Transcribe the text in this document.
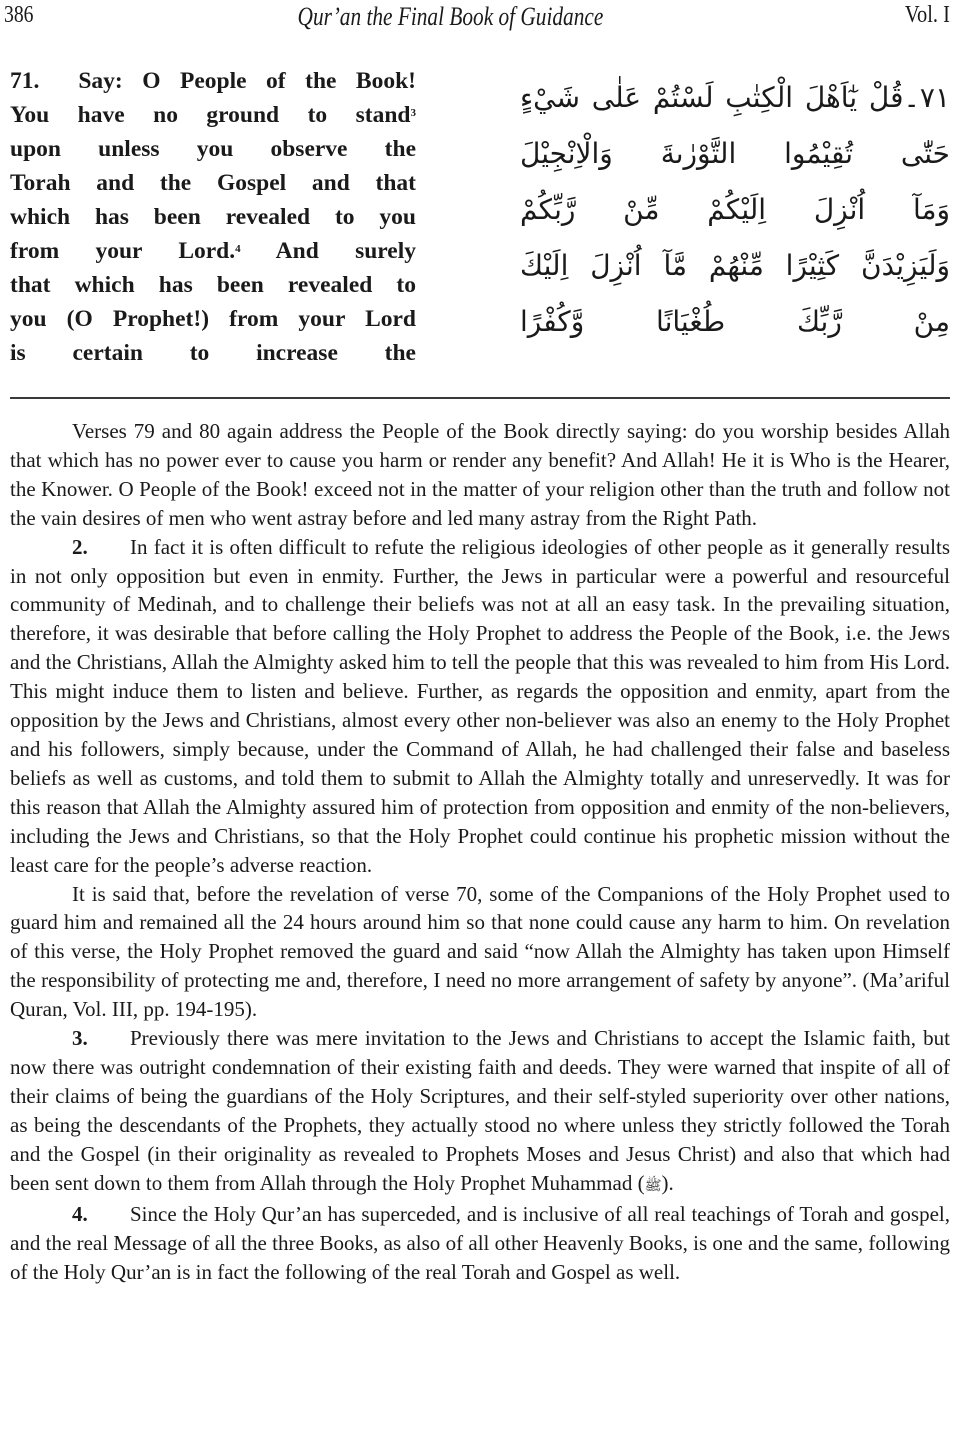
386	Qur’an the Final Book of Guidance	Vol. I
71. Say: O People of the Book!
You have no ground to stand$^3$
upon unless you observe the
Torah and the Gospel and that
which has been revealed to you
from your Lord.$^4$ And surely
that which has been revealed to
you (O Prophet!) from your Lord
is certain to increase the
٧١۔قُلْ يٰٓاَهْلَ الْكِتٰبِ لَسْتُمْ عَلٰى شَيْءٍ
حَتّٰى تُقِيْمُوا التَّوْرٰىةَ وَالْاِنْجِيْلَ
وَمَآ اُنْزِلَ اِلَيْكُمْ مِّنْ رَّبِّكُمْ
وَلَيَزِيْدَنَّ كَثِيْرًا مِّنْهُمْ مَّآ اُنْزِلَ اِلَيْكَ
مِنْ رَّبِّكَ طُغْيَانًا وَّكُفْرًا

Verses 79 and 80 again address the People of the Book directly saying: do you worship besides Allah that which has no power ever to cause you harm or render any benefit? And Allah! He it is Who is the Hearer, the Knower. O People of the Book! exceed not in the matter of your religion other than the truth and follow not the vain desires of men who went astray before and led many astray from the Right Path.

2. In fact it is often difficult to refute the religious ideologies of other people as it generally results in not only opposition but even in enmity. Further, the Jews in particular were a powerful and resourceful community of Medinah, and to challenge their beliefs was not at all an easy task. In the prevailing situation, therefore, it was desirable that before calling the Holy Prophet to address the People of the Book, i.e. the Jews and the Christians, Allah the Almighty asked him to tell the people that this was revealed to him from His Lord. This might induce them to listen and believe. Further, as regards the opposition and enmity, apart from the opposition by the Jews and Christians, almost every other non-believer was also an enemy to the Holy Prophet and his followers, simply because, under the Command of Allah, he had challenged their false and baseless beliefs as well as customs, and told them to submit to Allah the Almighty totally and unreservedly. It was for this reason that Allah the Almighty assured him of protection from opposition and enmity of the non-believers, including the Jews and Christians, so that the Holy Prophet could continue his prophetic mission without the least care for the people’s adverse reaction.

It is said that, before the revelation of verse 70, some of the Companions of the Holy Prophet used to guard him and remained all the 24 hours around him so that none could cause any harm to him. On revelation of this verse, the Holy Prophet removed the guard and said “now Allah the Almighty has taken upon Himself the responsibility of protecting me and, therefore, I need no more arrangement of safety by anyone”. (Ma’ariful Quran, Vol. III, pp. 194-195).

3. Previously there was mere invitation to the Jews and Christians to accept the Islamic faith, but now there was outright condemnation of their existing faith and deeds. They were warned that inspite of all of their claims of being the guardians of the Holy Scriptures, and their self-styled superiority over other nations, as being the descendants of the Prophets, they actually stood no where unless they strictly followed the Torah and the Gospel (in their originality as revealed to Prophets Moses and Jesus Christ) and also that which had been sent down to them from Allah through the Holy Prophet Muhammad (ﷺ).

4. Since the Holy Qur’an has superceded, and is inclusive of all real teachings of Torah and gospel, and the real Message of all the three Books, as also of all other Heavenly Books, is one and the same, following of the Holy Qur’an is in fact the following of the real Torah and Gospel as well.
